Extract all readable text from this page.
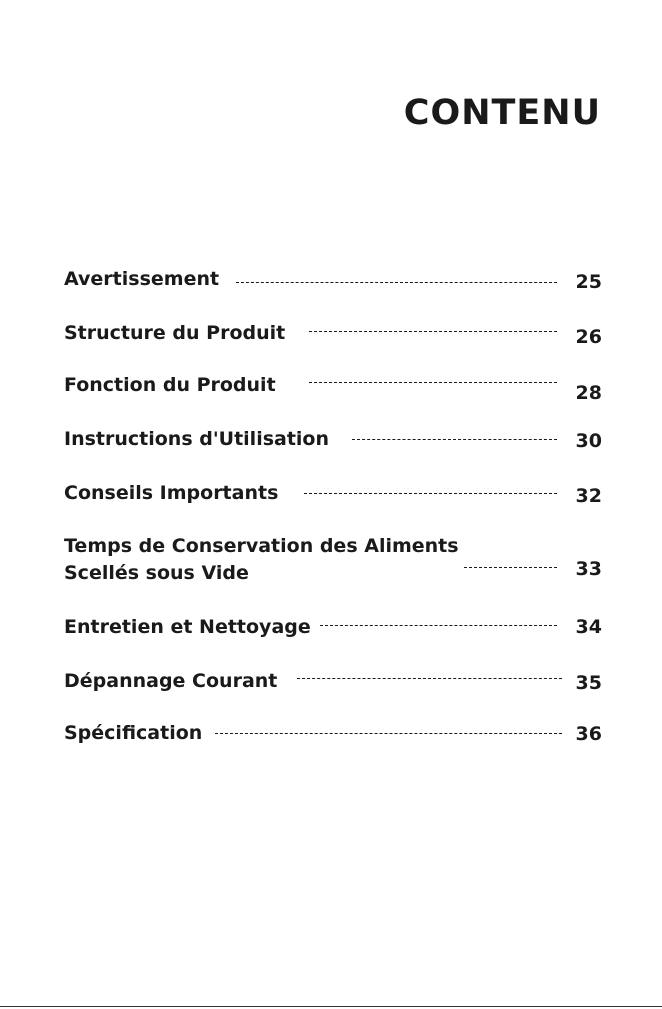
CONTENU
Avertissement	25
Structure du Produit	26
Fonction du Produit	28
Instructions d'Utilisation	30
Conseils Importants	32
Temps de Conservation des Aliments
Scellés sous Vide	33
Entretien et Nettoyage	34
Dépannage Courant	35
Spécification	36
